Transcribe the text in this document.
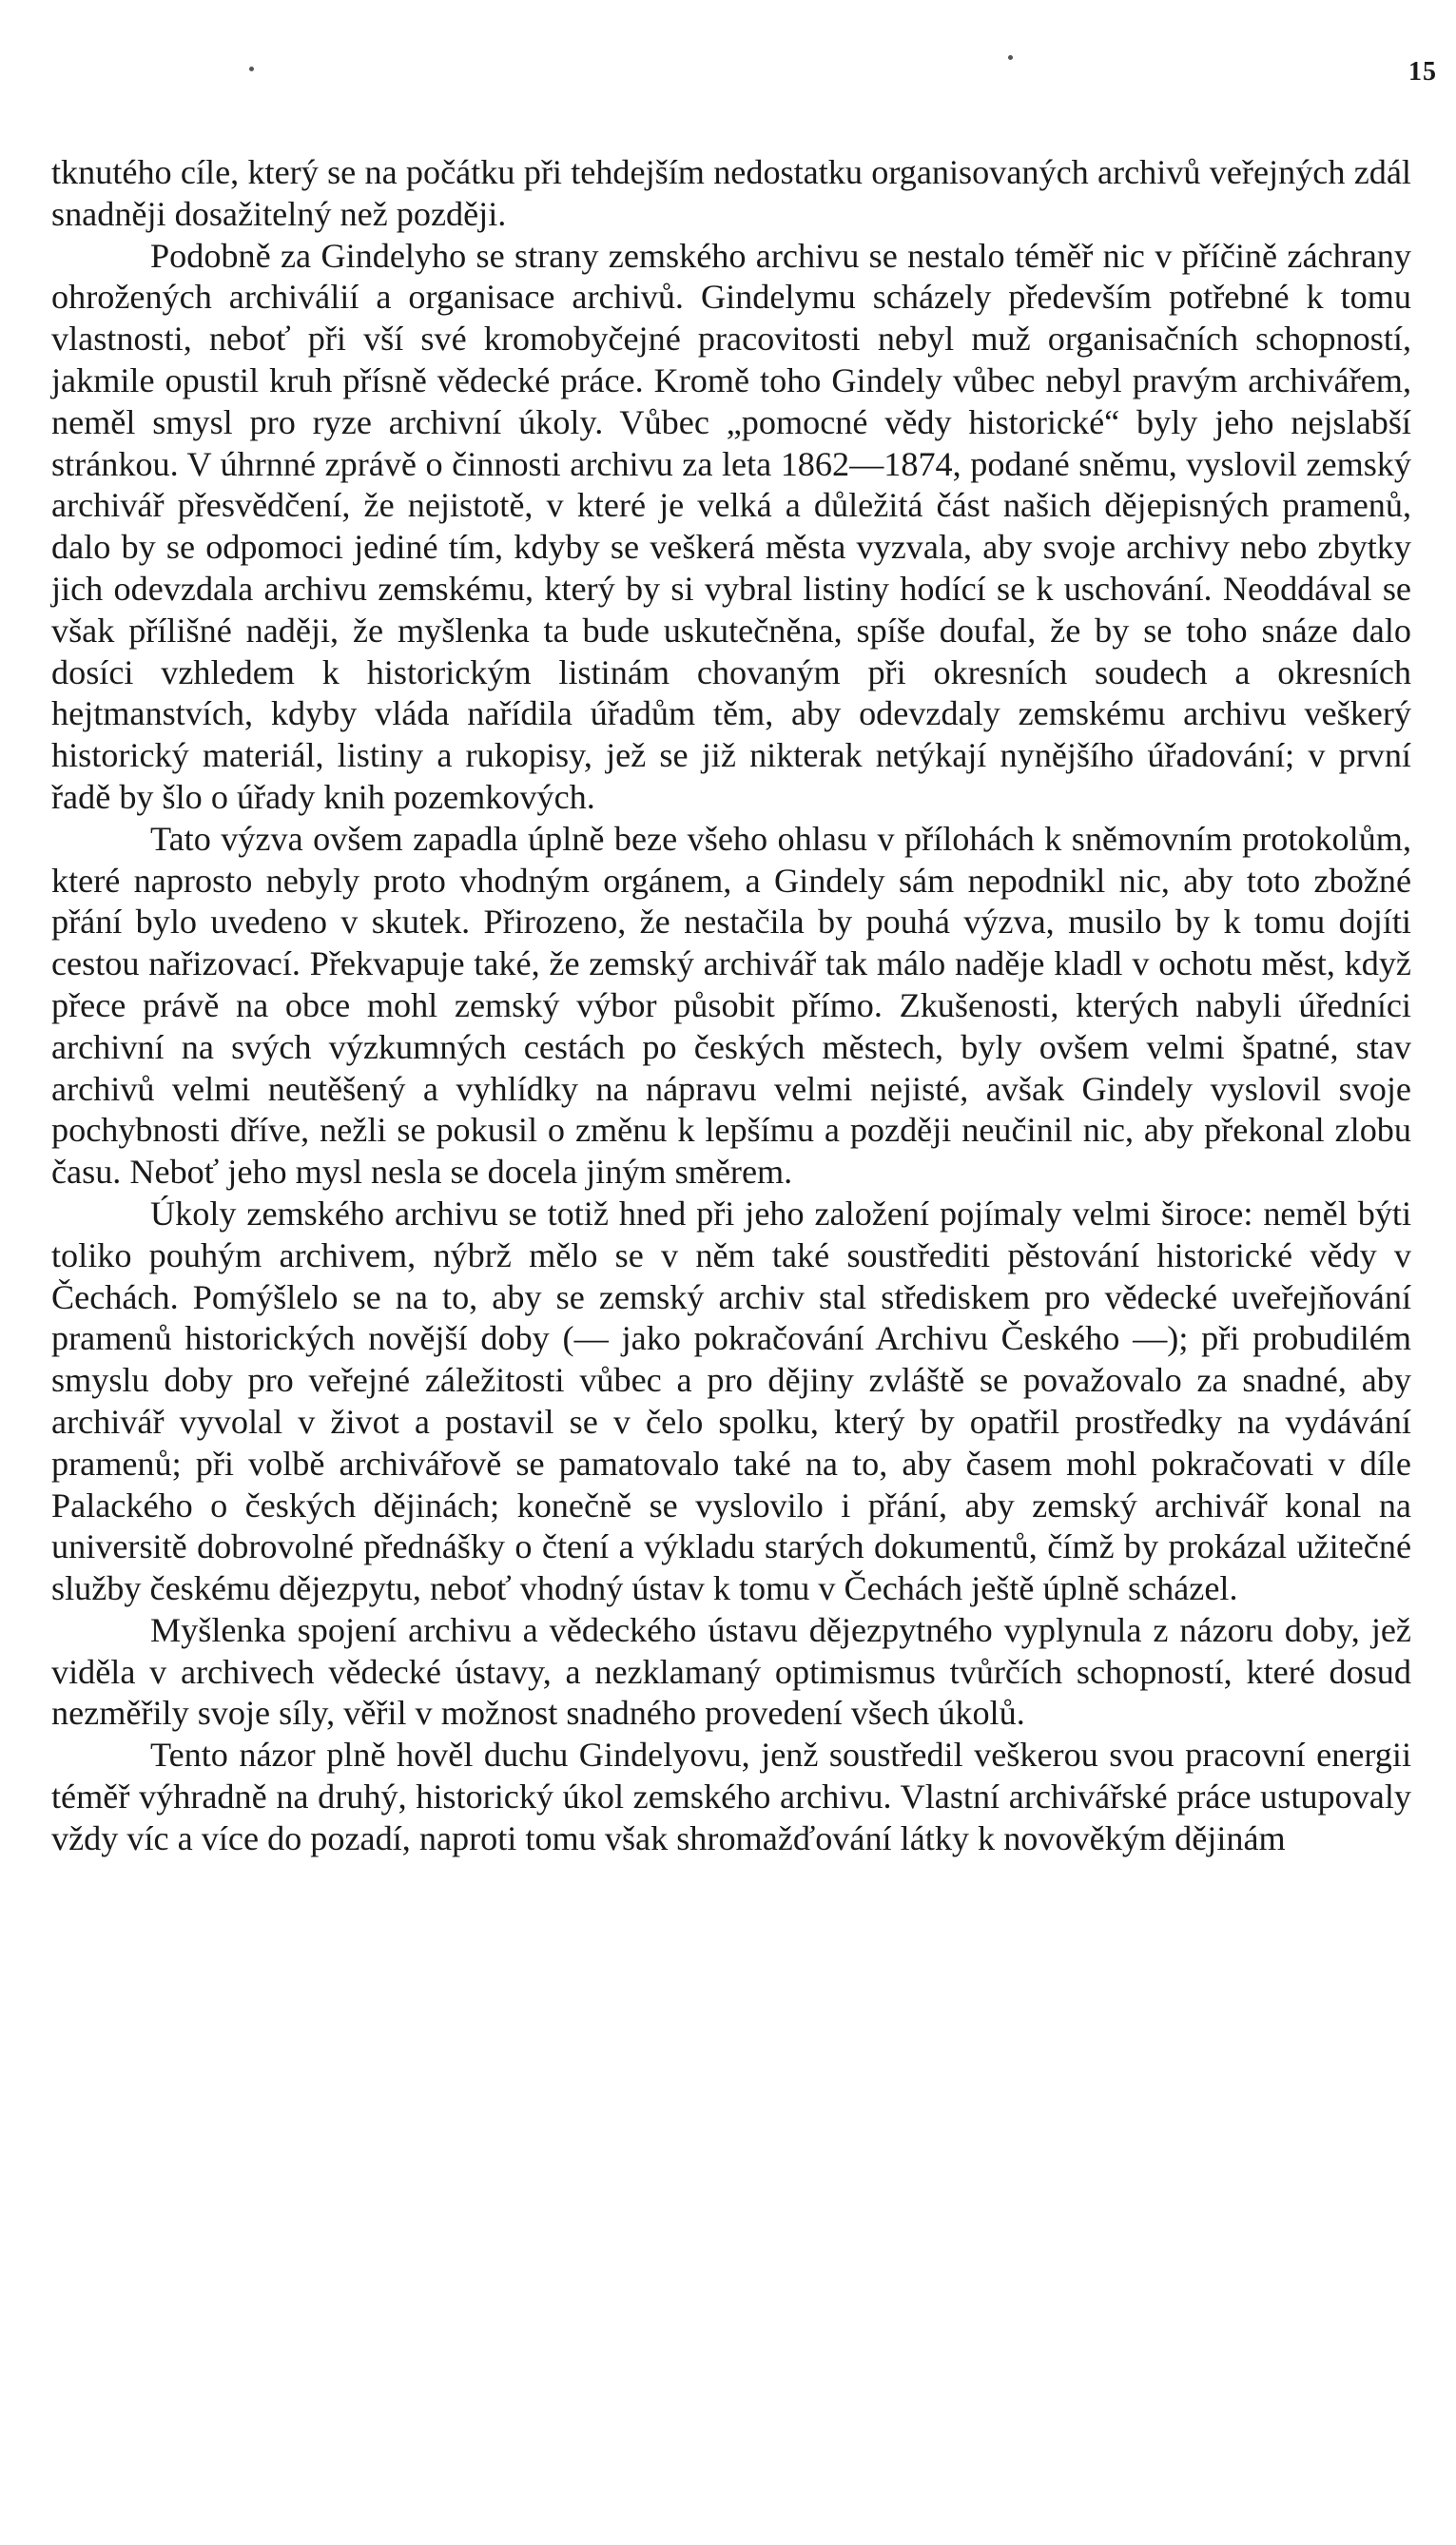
15

tknutého cíle, který se na počátku při tehdejším nedostatku organisovaných archivů veřejných zdál snadněji dosažitelný než později.

Podobně za Gindelyho se strany zemského archivu se nestalo téměř nic v příčině záchrany ohrožených archiválií a organisace archivů. Gindelymu scházely především potřebné k tomu vlastnosti, neboť při vší své kromobyčejné pracovitosti nebyl muž organisačních schopností, jakmile opustil kruh přísně vědecké práce. Kromě toho Gindely vůbec nebyl pravým archivářem, neměl smysl pro ryze archivní úkoly. Vůbec „pomocné vědy historické“ byly jeho nejslabší stránkou. V úhrnné zprávě o činnosti archivu za leta 1862—1874, podané sněmu, vyslovil zemský archivář přesvědčení, že nejistotě, v které je velká a důležitá část našich dějepisných pramenů, dalo by se odpomoci jediné tím, kdyby se veškerá města vyzvala, aby svoje archivy nebo zbytky jich odevzdala archivu zemskému, který by si vybral listiny hodící se k uschování. Neoddával se však přílišné naději, že myšlenka ta bude uskutečněna, spíše doufal, že by se toho snáze dalo dosíci vzhledem k historickým listinám chovaným při okresních soudech a okresních hejtmanstvích, kdyby vláda nařídila úřadům těm, aby odevzdaly zemskému archivu veškerý historický materiál, listiny a rukopisy, jež se již nikterak netýkají nynějšího úřadování; v první řadě by šlo o úřady knih pozemkových.

Tato výzva ovšem zapadla úplně beze všeho ohlasu v přílohách k sněmovním protokolům, které naprosto nebyly proto vhodným orgánem, a Gindely sám nepodnikl nic, aby toto zbožné přání bylo uvedeno v skutek. Přirozeno, že nestačila by pouhá výzva, musilo by k tomu dojíti cestou nařizovací. Překvapuje také, že zemský archivář tak málo naděje kladl v ochotu měst, když přece právě na obce mohl zemský výbor působit přímo. Zkušenosti, kterých nabyli úředníci archivní na svých výzkumných cestách po českých městech, byly ovšem velmi špatné, stav archivů velmi neutěšený a vyhlídky na nápravu velmi nejisté, avšak Gindely vyslovil svoje pochybnosti dříve, nežli se pokusil o změnu k lepšímu a později neučinil nic, aby překonal zlobu času. Neboť jeho mysl nesla se docela jiným směrem.

Úkoly zemského archivu se totiž hned při jeho založení pojímaly velmi široce: neměl býti toliko pouhým archivem, nýbrž mělo se v něm také soustřediti pěstování historické vědy v Čechách. Pomýšlelo se na to, aby se zemský archiv stal střediskem pro vědecké uveřejňování pramenů historických novější doby (— jako pokračování Archivu Českého —); při probudilém smyslu doby pro veřejné záležitosti vůbec a pro dějiny zvláště se považovalo za snadné, aby archivář vyvolal v život a postavil se v čelo spolku, který by opatřil prostředky na vydávání pramenů; při volbě archivářově se pamatovalo také na to, aby časem mohl pokračovati v díle Palackého o českých dějinách; konečně se vyslovilo i přání, aby zemský archivář konal na universitě dobrovolné přednášky o čtení a výkladu starých dokumentů, čímž by prokázal užitečné služby českému dějezpytu, neboť vhodný ústav k tomu v Čechách ještě úplně scházel.

Myšlenka spojení archivu a vědeckého ústavu dějezpytného vyplynula z názoru doby, jež viděla v archivech vědecké ústavy, a nezklamaný optimismus tvůrčích schopností, které dosud nezměřily svoje síly, věřil v možnost snadného provedení všech úkolů.

Tento názor plně hověl duchu Gindelyovu, jenž soustředil veškerou svou pracovní energii téměř výhradně na druhý, historický úkol zemského archivu. Vlastní archivářské práce ustupovaly vždy víc a více do pozadí, naproti tomu však shromažďování látky k novověkým dějinám
